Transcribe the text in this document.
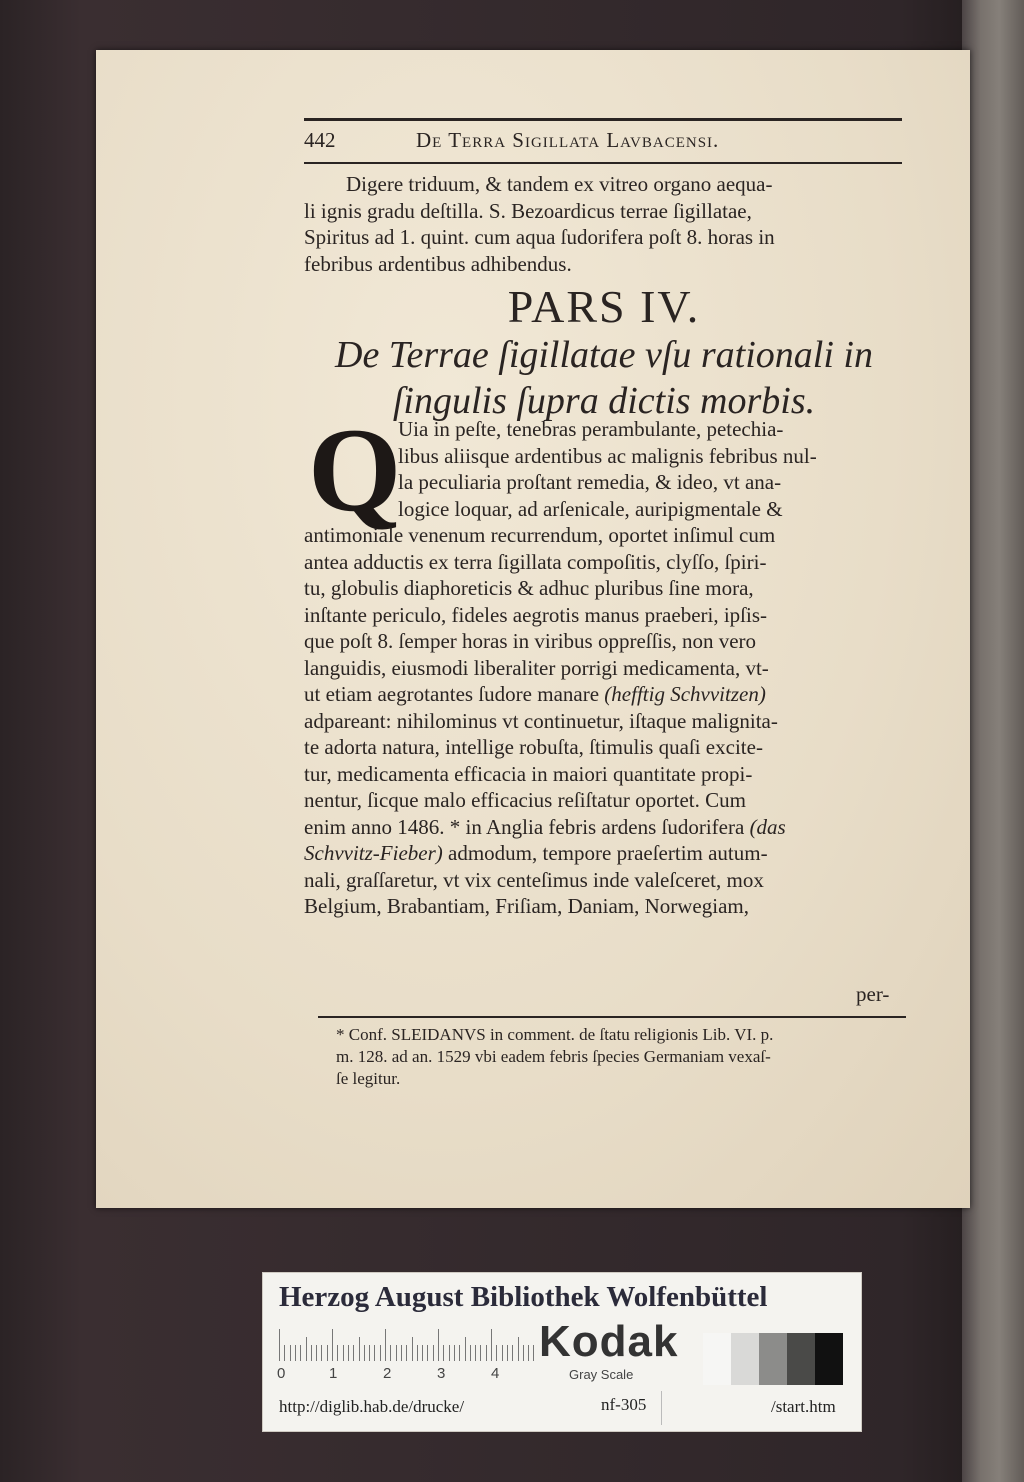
442	De Terra Sigillata Lavbacensi.
Digere triduum, & tandem ex vitreo organo aequa-
li ignis gradu deſtilla. S. Bezoardicus terrae ſigillatae,
Spiritus ad 1. quint. cum aqua ſudorifera poſt 8. horas in
febribus ardentibus adhibendus.
PARS IV.
De Terrae ſigillatae vſu rationali in
ſingulis ſupra dictis morbis.
Q
Uia in peſte, tenebras perambulante, petechia-
libus aliisque ardentibus ac malignis febribus nul-
la peculiaria proſtant remedia, & ideo, vt ana-
logice loquar, ad arſenicale, auripigmentale &
antimoniale venenum recurrendum, oportet inſimul cum
antea adductis ex terra ſigillata compoſitis, clyſſo, ſpiri-
tu, globulis diaphoreticis & adhuc pluribus ſine mora,
inſtante periculo, fideles aegrotis manus praeberi, ipſis-
que poſt 8. ſemper horas in viribus oppreſſis, non vero
languidis, eiusmodi liberaliter porrigi medicamenta, vt-
ut etiam aegrotantes ſudore manare (hefftig Schvvitzen)
adpareant: nihilominus vt continuetur, iſtaque malignita-
te adorta natura, intellige robuſta, ſtimulis quaſi excite-
tur, medicamenta efficacia in maiori quantitate propi-
nentur, ſicque malo efficacius reſiſtatur oportet. Cum
enim anno 1486. * in Anglia febris ardens ſudorifera (das
Schvvitz-Fieber) admodum, tempore praeſertim autum-
nali, graſſaretur, vt vix centeſimus inde valeſceret, mox
Belgium, Brabantiam, Friſiam, Daniam, Norwegiam,
per-
* Conf. SLEIDANVS in comment. de ſtatu religionis Lib. VI. p.
m. 128. ad an. 1529 vbi eadem febris ſpecies Germaniam vexaſ-
ſe legitur.
Herzog August Bibliothek Wolfenbüttel
0	1	2	3	4
Kodak
Gray Scale
http://diglib.hab.de/drucke/	nf-305	/start.htm
